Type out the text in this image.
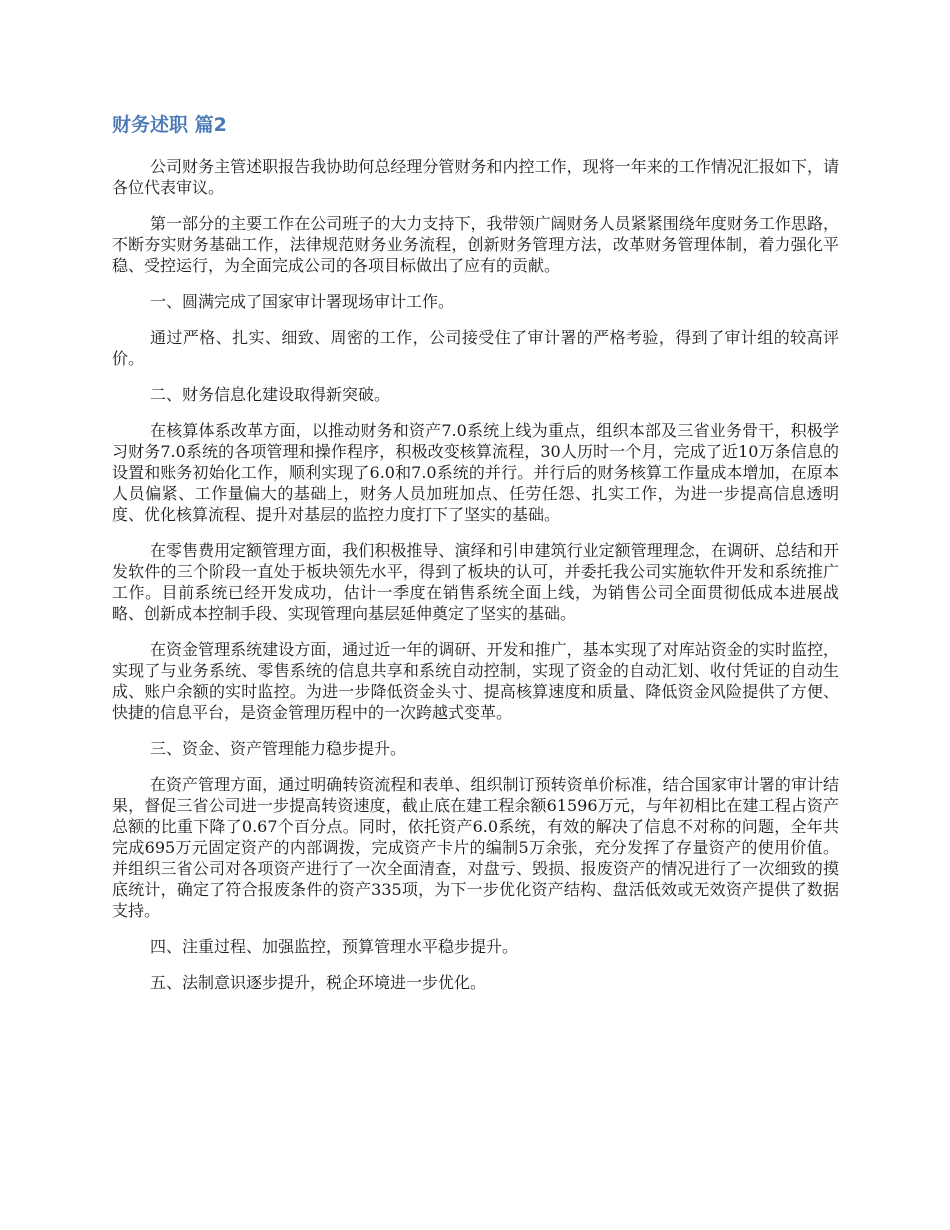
财务述职 篇2

公司财务主管述职报告我协助何总经理分管财务和内控工作，现将一年来的工作情况汇报如下，请各位代表审议。

第一部分的主要工作在公司班子的大力支持下，我带领广阔财务人员紧紧围绕年度财务工作思路，不断夯实财务基础工作，法律规范财务业务流程，创新财务管理方法，改革财务管理体制，着力强化平稳、受控运行，为全面完成公司的各项目标做出了应有的贡献。

一、圆满完成了国家审计署现场审计工作。

通过严格、扎实、细致、周密的工作，公司接受住了审计署的严格考验，得到了审计组的较高评价。

二、财务信息化建设取得新突破。

在核算体系改革方面，以推动财务和资产7.0系统上线为重点，组织本部及三省业务骨干，积极学习财务7.0系统的各项管理和操作程序，积极改变核算流程，30人历时一个月，完成了近10万条信息的设置和账务初始化工作，顺利实现了6.0和7.0系统的并行。并行后的财务核算工作量成本增加，在原本人员偏紧、工作量偏大的基础上，财务人员加班加点、任劳任怨、扎实工作，为进一步提高信息透明度、优化核算流程、提升对基层的监控力度打下了坚实的基础。

在零售费用定额管理方面，我们积极推导、演绎和引申建筑行业定额管理理念，在调研、总结和开发软件的三个阶段一直处于板块领先水平，得到了板块的认可，并委托我公司实施软件开发和系统推广工作。目前系统已经开发成功，估计一季度在销售系统全面上线，为销售公司全面贯彻低成本进展战略、创新成本控制手段、实现管理向基层延伸奠定了坚实的基础。

在资金管理系统建设方面，通过近一年的调研、开发和推广，基本实现了对库站资金的实时监控，实现了与业务系统、零售系统的信息共享和系统自动控制，实现了资金的自动汇划、收付凭证的自动生成、账户余额的实时监控。为进一步降低资金头寸、提高核算速度和质量、降低资金风险提供了方便、快捷的信息平台，是资金管理历程中的一次跨越式变革。

三、资金、资产管理能力稳步提升。

在资产管理方面，通过明确转资流程和表单、组织制订预转资单价标准，结合国家审计署的审计结果，督促三省公司进一步提高转资速度，截止底在建工程余额61596万元，与年初相比在建工程占资产总额的比重下降了0.67个百分点。同时，依托资产6.0系统，有效的解决了信息不对称的问题，全年共完成695万元固定资产的内部调拨，完成资产卡片的编制5万余张，充分发挥了存量资产的使用价值。并组织三省公司对各项资产进行了一次全面清查，对盘亏、毁损、报废资产的情况进行了一次细致的摸底统计，确定了符合报废条件的资产335项，为下一步优化资产结构、盘活低效或无效资产提供了数据支持。

四、注重过程、加强监控，预算管理水平稳步提升。

五、法制意识逐步提升，税企环境进一步优化。
